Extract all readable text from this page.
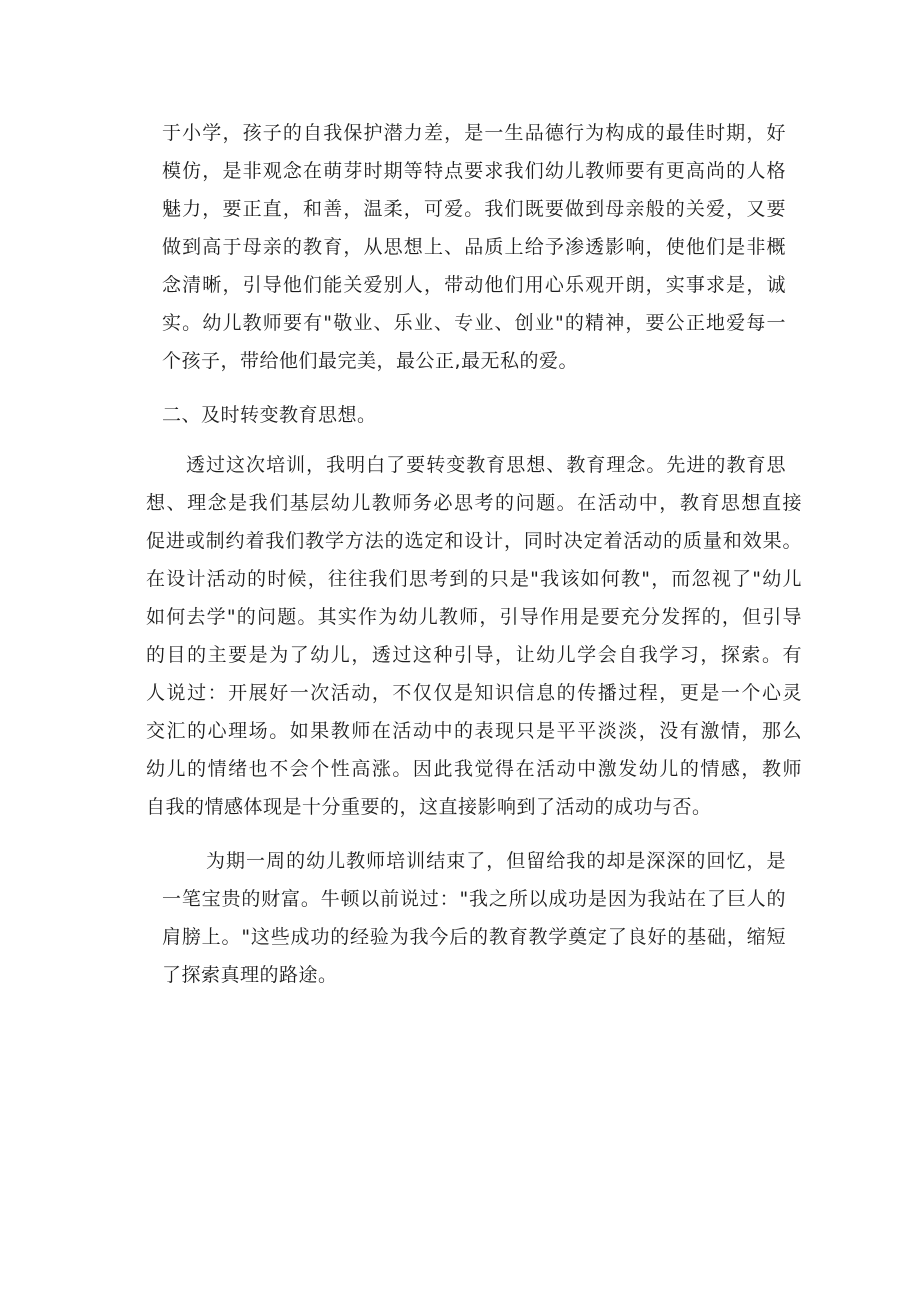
于小学，孩子的自我保护潜力差，是一生品德行为构成的最佳时期，好
模仿，是非观念在萌芽时期等特点要求我们幼儿教师要有更高尚的人格
魅力，要正直，和善，温柔，可爱。我们既要做到母亲般的关爱，又要
做到高于母亲的教育，从思想上、品质上给予渗透影响，使他们是非概
念清晰，引导他们能关爱别人，带动他们用心乐观开朗，实事求是，诚
实。幼儿教师要有"敬业、乐业、专业、创业"的精神，要公正地爱每一
个孩子，带给他们最完美，最公正,最无私的爱。
二、及时转变教育思想。
透过这次培训，我明白了要转变教育思想、教育理念。先进的教育思
想、理念是我们基层幼儿教师务必思考的问题。在活动中，教育思想直接
促进或制约着我们教学方法的选定和设计，同时决定着活动的质量和效果。
在设计活动的时候，往往我们思考到的只是"我该如何教"，而忽视了"幼儿
如何去学"的问题。其实作为幼儿教师，引导作用是要充分发挥的，但引导
的目的主要是为了幼儿，透过这种引导，让幼儿学会自我学习，探索。有
人说过：开展好一次活动，不仅仅是知识信息的传播过程，更是一个心灵
交汇的心理场。如果教师在活动中的表现只是平平淡淡，没有激情，那么
幼儿的情绪也不会个性高涨。因此我觉得在活动中激发幼儿的情感，教师
自我的情感体现是十分重要的，这直接影响到了活动的成功与否。
为期一周的幼儿教师培训结束了，但留给我的却是深深的回忆，是
一笔宝贵的财富。牛顿以前说过："我之所以成功是因为我站在了巨人的
肩膀上。"这些成功的经验为我今后的教育教学奠定了良好的基础，缩短
了探索真理的路途。
